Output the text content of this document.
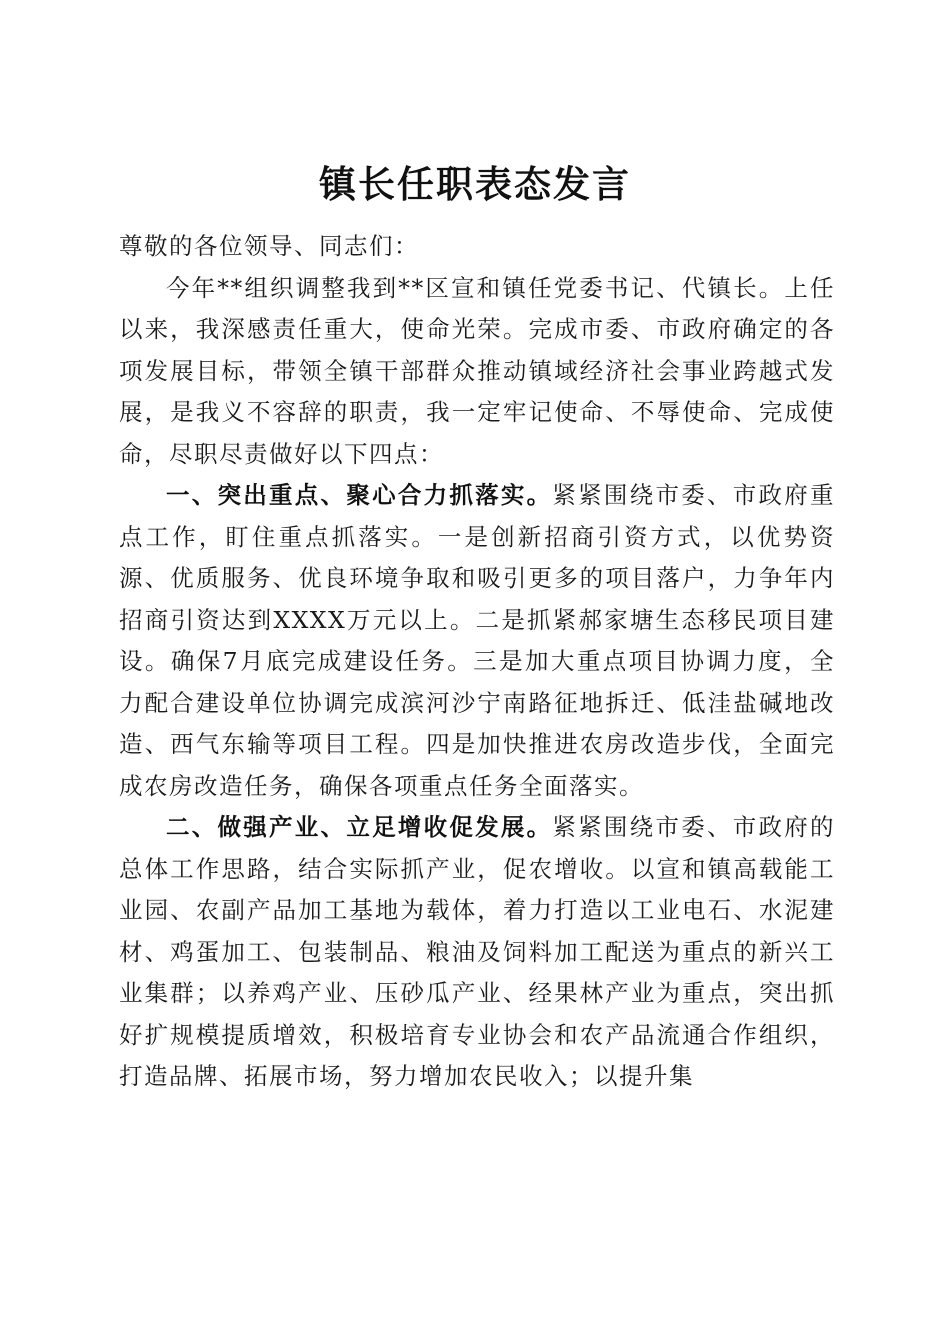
镇长任职表态发言

尊敬的各位领导、同志们：

今年**组织调整我到**区宣和镇任党委书记、代镇长。上任以来，我深感责任重大，使命光荣。完成市委、市政府确定的各项发展目标，带领全镇干部群众推动镇域经济社会事业跨越式发展，是我义不容辞的职责，我一定牢记使命、不辱使命、完成使命，尽职尽责做好以下四点：

一、突出重点、聚心合力抓落实。紧紧围绕市委、市政府重点工作，盯住重点抓落实。一是创新招商引资方式，以优势资源、优质服务、优良环境争取和吸引更多的项目落户，力争年内招商引资达到XXXX万元以上。二是抓紧郝家塘生态移民项目建设。确保7月底完成建设任务。三是加大重点项目协调力度，全力配合建设单位协调完成滨河沙宁南路征地拆迁、低洼盐碱地改造、西气东输等项目工程。四是加快推进农房改造步伐，全面完成农房改造任务，确保各项重点任务全面落实。

二、做强产业、立足增收促发展。紧紧围绕市委、市政府的总体工作思路，结合实际抓产业，促农增收。以宣和镇高载能工业园、农副产品加工基地为载体，着力打造以工业电石、水泥建材、鸡蛋加工、包装制品、粮油及饲料加工配送为重点的新兴工业集群；以养鸡产业、压砂瓜产业、经果林产业为重点，突出抓好扩规模提质增效，积极培育专业协会和农产品流通合作组织，打造品牌、拓展市场，努力增加农民收入；以提升集
